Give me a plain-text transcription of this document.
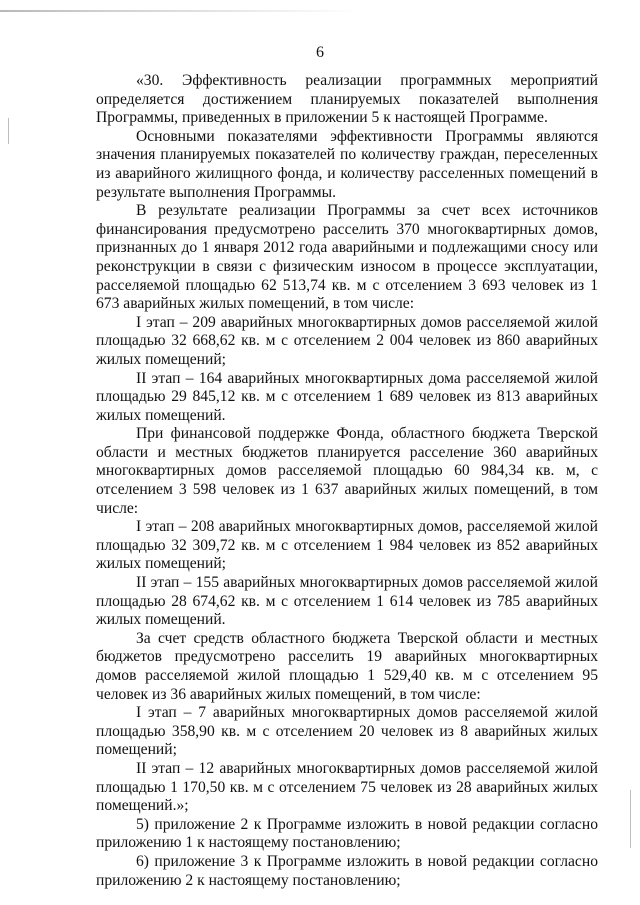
6

«30. Эффективность реализации программных мероприятий определяется достижением планируемых показателей выполнения Программы, приведенных в приложении 5 к настоящей Программе.

Основными показателями эффективности Программы являются значения планируемых показателей по количеству граждан, переселенных из аварийного жилищного фонда, и количеству расселенных помещений в результате выполнения Программы.

В результате реализации Программы за счет всех источников финансирования предусмотрено расселить 370 многоквартирных домов, признанных до 1 января 2012 года аварийными и подлежащими сносу или реконструкции в связи с физическим износом в процессе эксплуатации, расселяемой площадью 62 513,74 кв. м с отселением 3 693 человек из 1 673 аварийных жилых помещений, в том числе:

I этап – 209 аварийных многоквартирных домов расселяемой жилой площадью 32 668,62 кв. м с отселением 2 004 человек из 860 аварийных жилых помещений;

II этап – 164 аварийных многоквартирных дома расселяемой жилой площадью 29 845,12 кв. м с отселением 1 689 человек из 813 аварийных жилых помещений.

При финансовой поддержке Фонда, областного бюджета Тверской области и местных бюджетов планируется расселение 360 аварийных многоквартирных домов расселяемой площадью 60 984,34 кв. м, с отселением 3 598 человек из 1 637 аварийных жилых помещений, в том числе:

I этап – 208 аварийных многоквартирных домов, расселяемой жилой площадью 32 309,72 кв. м с отселением 1 984 человек из 852 аварийных жилых помещений;

II этап – 155 аварийных многоквартирных домов расселяемой жилой площадью 28 674,62 кв. м с отселением 1 614 человек из 785 аварийных жилых помещений.

За счет средств областного бюджета Тверской области и местных бюджетов предусмотрено расселить 19 аварийных многоквартирных домов расселяемой жилой площадью 1 529,40 кв. м с отселением 95 человек из 36 аварийных жилых помещений, в том числе:

I этап – 7 аварийных многоквартирных домов расселяемой жилой площадью 358,90 кв. м с отселением 20 человек из 8 аварийных жилых помещений;

II этап – 12 аварийных многоквартирных домов расселяемой жилой площадью 1 170,50 кв. м с отселением 75 человек из 28 аварийных жилых помещений.»;

5) приложение 2 к Программе изложить в новой редакции согласно приложению 1 к настоящему постановлению;

6) приложение 3 к Программе изложить в новой редакции согласно приложению 2 к настоящему постановлению;
